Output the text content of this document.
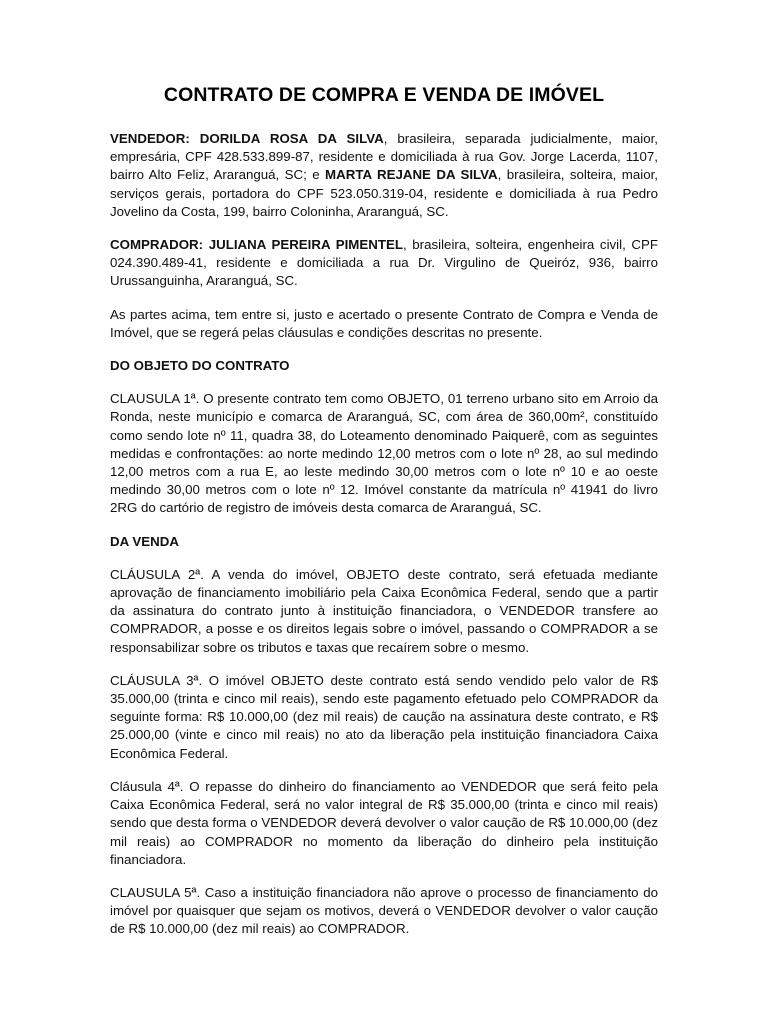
CONTRATO DE COMPRA E VENDA DE IMÓVEL

VENDEDOR: DORILDA ROSA DA SILVA, brasileira, separada judicialmente, maior, empresária, CPF 428.533.899-87, residente e domiciliada à rua Gov. Jorge Lacerda, 1107, bairro Alto Feliz, Araranguá, SC; e MARTA REJANE DA SILVA, brasileira, solteira, maior, serviços gerais, portadora do CPF 523.050.319-04, residente e domiciliada à rua Pedro Jovelino da Costa, 199, bairro Coloninha, Araranguá, SC.

COMPRADOR: JULIANA PEREIRA PIMENTEL, brasileira, solteira, engenheira civil, CPF 024.390.489-41, residente e domiciliada a rua Dr. Virgulino de Queiróz, 936, bairro Urussanguinha, Araranguá, SC.

As partes acima, tem entre si, justo e acertado o presente Contrato de Compra e Venda de Imóvel, que se regerá pelas cláusulas e condições descritas no presente.

DO OBJETO DO CONTRATO

CLAUSULA 1ª. O presente contrato tem como OBJETO, 01 terreno urbano sito em Arroio da Ronda, neste município e comarca de Araranguá, SC, com área de 360,00m², constituído como sendo lote nº 11, quadra 38, do Loteamento denominado Paiquerê, com as seguintes medidas e confrontações: ao norte medindo 12,00 metros com o lote nº 28, ao sul medindo 12,00 metros com a rua E, ao leste medindo 30,00 metros com o lote nº 10 e ao oeste medindo 30,00 metros com o lote nº 12. Imóvel constante da matrícula nº 41941 do livro 2RG do cartório de registro de imóveis desta comarca de Araranguá, SC.

DA VENDA

CLÁUSULA 2ª. A venda do imóvel, OBJETO deste contrato, será efetuada mediante aprovação de financiamento imobiliário pela Caixa Econômica Federal, sendo que a partir da assinatura do contrato junto à instituição financiadora, o VENDEDOR transfere ao COMPRADOR, a posse e os direitos legais sobre o imóvel, passando o COMPRADOR a se responsabilizar sobre os tributos e taxas que recaírem sobre o mesmo.

CLÁUSULA 3ª. O imóvel OBJETO deste contrato está sendo vendido pelo valor de R$ 35.000,00 (trinta e cinco mil reais), sendo este pagamento efetuado pelo COMPRADOR da seguinte forma: R$ 10.000,00 (dez mil reais) de caução na assinatura deste contrato, e R$ 25.000,00 (vinte e cinco mil reais) no ato da liberação pela instituição financiadora Caixa Econômica Federal.

Cláusula 4ª. O repasse do dinheiro do financiamento ao VENDEDOR que será feito pela Caixa Econômica Federal, será no valor integral de R$ 35.000,00 (trinta e cinco mil reais) sendo que desta forma o VENDEDOR deverá devolver o valor caução de R$ 10.000,00 (dez mil reais) ao COMPRADOR no momento da liberação do dinheiro pela instituição financiadora.

CLAUSULA 5ª. Caso a instituição financiadora não aprove o processo de financiamento do imóvel por quaisquer que sejam os motivos, deverá o VENDEDOR devolver o valor caução de R$ 10.000,00 (dez mil reais) ao COMPRADOR.
